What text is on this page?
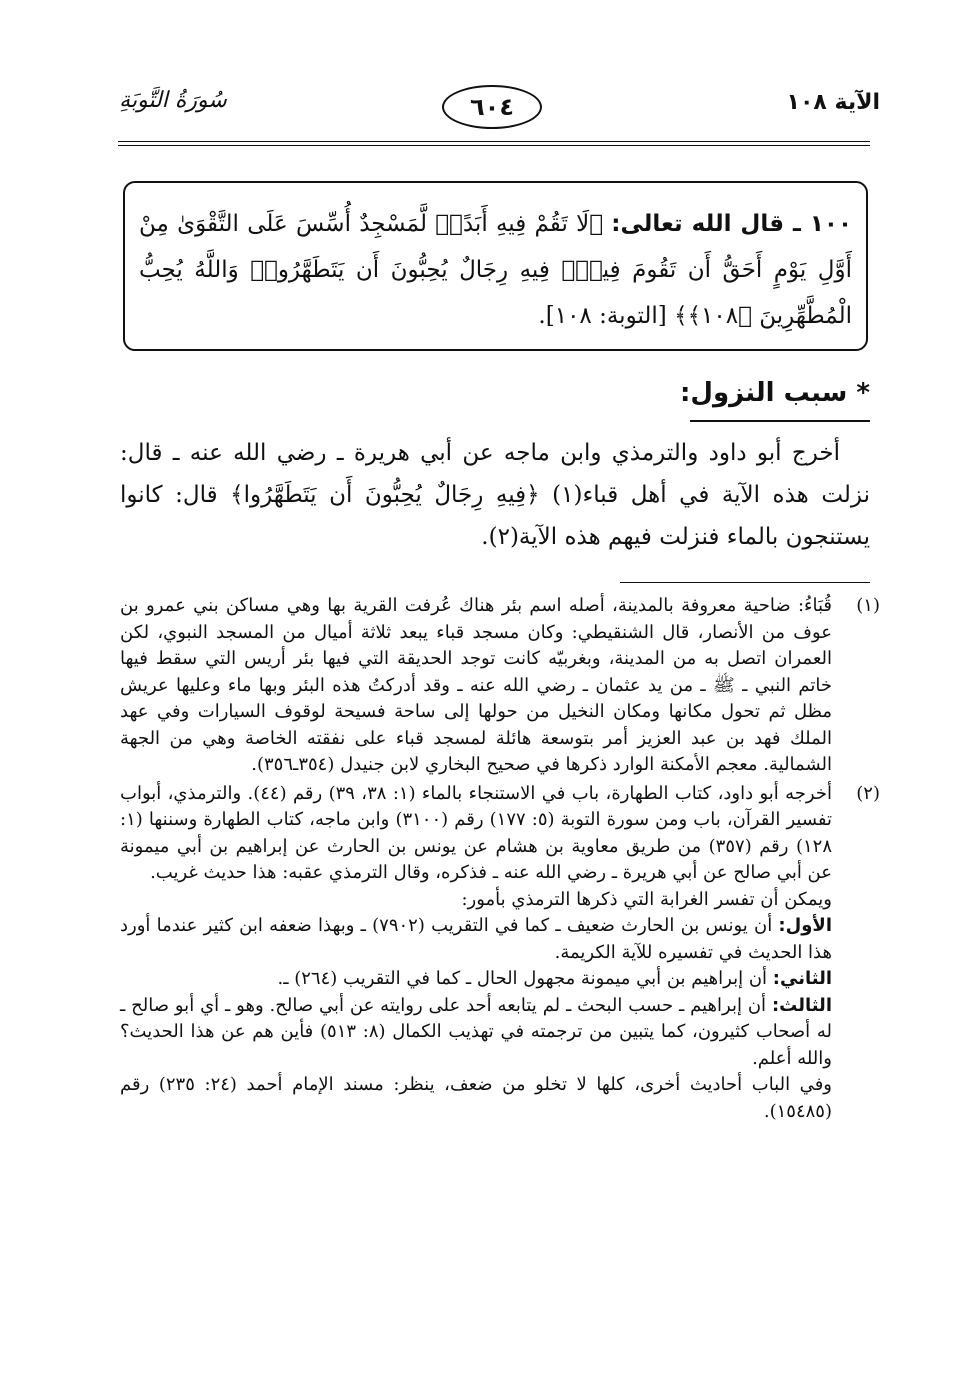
سُورَةُ التَّوبَةِ	٦٠٤	الآية ١٠٨
١٠٠ ـ قال الله تعالى: ﴿لَا تَقُمْ فِيهِ أَبَدًاۚ لَّمَسْجِدٌ أُسِّسَ عَلَى التَّقْوَىٰ مِنْ أَوَّلِ يَوْمٍ أَحَقُّ أَن تَقُومَ فِيهِۚ فِيهِ رِجَالٌ يُحِبُّونَ أَن يَتَطَهَّرُواۚ وَاللَّهُ يُحِبُّ الْمُطَّهِّرِينَ ﴿١٠٨﴾﴾ [التوبة: ١٠٨].
* سبب النزول:

أخرج أبو داود والترمذي وابن ماجه عن أبي هريرة ـ رضي الله عنه ـ قال: نزلت هذه الآية في أهل قباء(١) ﴿فِيهِ رِجَالٌ يُحِبُّونَ أَن يَتَطَهَّرُوا﴾ قال: كانوا يستنجون بالماء فنزلت فيهم هذه الآية(٢).

(١)

قُبَاءُ: ضاحية معروفة بالمدينة، أصله اسم بئر هناك عُرفت القرية بها وهي مساكن بني عمرو بن عوف من الأنصار، قال الشنقيطي: وكان مسجد قباء يبعد ثلاثة أميال من المسجد النبوي، لكن العمران اتصل به من المدينة، وبغربيّه كانت توجد الحديقة التي فيها بئر أريس التي سقط فيها خاتم النبي ـ ﷺ ـ من يد عثمان ـ رضي الله عنه ـ وقد أدركتُ هذه البئر وبها ماء وعليها عريش مظل ثم تحول مكانها ومكان النخيل من حولها إلى ساحة فسيحة لوقوف السيارات وفي عهد الملك فهد بن عبد العزيز أمر بتوسعة هائلة لمسجد قباء على نفقته الخاصة وهي من الجهة الشمالية. معجم الأمكنة الوارد ذكرها في صحيح البخاري لابن جنيدل (٣٥٤ـ٣٥٦).

(٢)

أخرجه أبو داود، كتاب الطهارة، باب في الاستنجاء بالماء (١: ٣٨، ٣٩) رقم (٤٤). والترمذي، أبواب تفسير القرآن، باب ومن سورة التوبة (٥: ١٧٧) رقم (٣١٠٠) وابن ماجه، كتاب الطهارة وسننها (١: ١٢٨) رقم (٣٥٧) من طريق معاوية بن هشام عن يونس بن الحارث عن إبراهيم بن أبي ميمونة عن أبي صالح عن أبي هريرة ـ رضي الله عنه ـ فذكره، وقال الترمذي عقبه: هذا حديث غريب.

ويمكن أن تفسر الغرابة التي ذكرها الترمذي بأمور:

الأول: أن يونس بن الحارث ضعيف ـ كما في التقريب (٧٩٠٢) ـ وبهذا ضعفه ابن كثير عندما أورد هذا الحديث في تفسيره للآية الكريمة.

الثاني: أن إبراهيم بن أبي ميمونة مجهول الحال ـ كما في التقريب (٢٦٤) ـ.

الثالث: أن إبراهيم ـ حسب البحث ـ لم يتابعه أحد على روايته عن أبي صالح. وهو ـ أي أبو صالح ـ له أصحاب كثيرون، كما يتبين من ترجمته في تهذيب الكمال (٨: ٥١٣) فأين هم عن هذا الحديث؟ والله أعلم.

وفي الباب أحاديث أخرى، كلها لا تخلو من ضعف، ينظر: مسند الإمام أحمد (٢٤: ٢٣٥) رقم (١٥٤٨٥).
